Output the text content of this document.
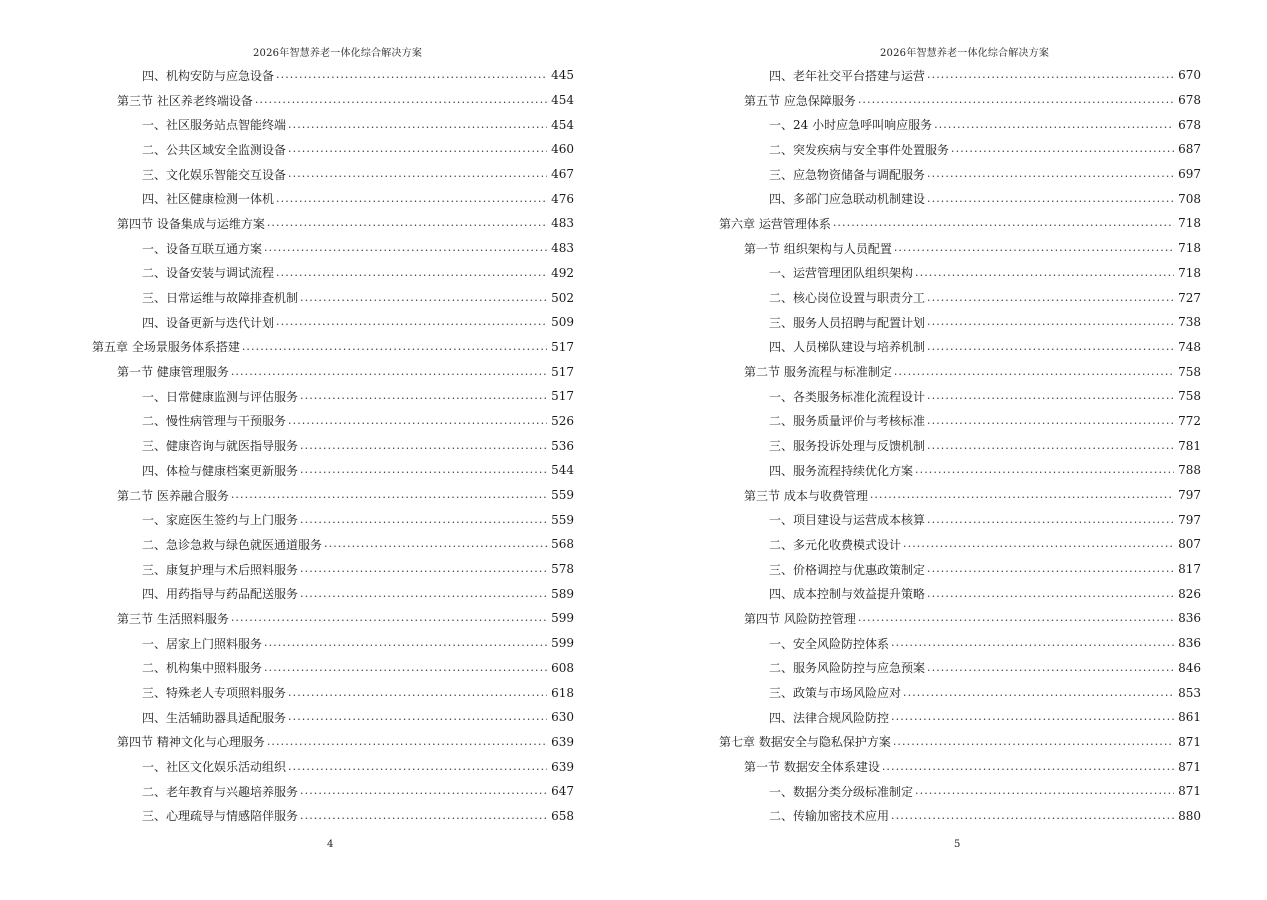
2026年智慧养老一体化综合解决方案
四、机构安防与应急设备 . . .	445
第三节 社区养老终端设备 . . .	454
一、社区服务站点智能终端 . . .	454
二、公共区域安全监测设备 . . .	460
三、文化娱乐智能交互设备 . . .	467
四、社区健康检测一体机 . . .	476
第四节 设备集成与运维方案 . . .	483
一、设备互联互通方案 . . .	483
二、设备安装与调试流程 . . .	492
三、日常运维与故障排查机制 . . .	502
四、设备更新与迭代计划 . . .	509
第五章 全场景服务体系搭建 . . .	517
第一节 健康管理服务 . . .	517
一、日常健康监测与评估服务 . . .	517
二、慢性病管理与干预服务 . . .	526
三、健康咨询与就医指导服务 . . .	536
四、体检与健康档案更新服务 . . .	544
第二节 医养融合服务 . . .	559
一、家庭医生签约与上门服务 . . .	559
二、急诊急救与绿色就医通道服务 . . .	568
三、康复护理与术后照料服务 . . .	578
四、用药指导与药品配送服务 . . .	589
第三节 生活照料服务 . . .	599
一、居家上门照料服务 . . .	599
二、机构集中照料服务 . . .	608
三、特殊老人专项照料服务 . . .	618
四、生活辅助器具适配服务 . . .	630
第四节 精神文化与心理服务 . . .	639
一、社区文化娱乐活动组织 . . .	639
二、老年教育与兴趣培养服务 . . .	647
三、心理疏导与情感陪伴服务 . . .	658
4
2026年智慧养老一体化综合解决方案
四、老年社交平台搭建与运营 . . .	670
第五节 应急保障服务 . . .	678
一、24 小时应急呼叫响应服务 . . .	678
二、突发疾病与安全事件处置服务 . . .	687
三、应急物资储备与调配服务 . . .	697
四、多部门应急联动机制建设 . . .	708
第六章 运营管理体系 . . .	718
第一节 组织架构与人员配置 . . .	718
一、运营管理团队组织架构 . . .	718
二、核心岗位设置与职责分工 . . .	727
三、服务人员招聘与配置计划 . . .	738
四、人员梯队建设与培养机制 . . .	748
第二节 服务流程与标准制定 . . .	758
一、各类服务标准化流程设计 . . .	758
二、服务质量评价与考核标准 . . .	772
三、服务投诉处理与反馈机制 . . .	781
四、服务流程持续优化方案 . . .	788
第三节 成本与收费管理 . . .	797
一、项目建设与运营成本核算 . . .	797
二、多元化收费模式设计 . . .	807
三、价格调控与优惠政策制定 . . .	817
四、成本控制与效益提升策略 . . .	826
第四节 风险防控管理 . . .	836
一、安全风险防控体系 . . .	836
二、服务风险防控与应急预案 . . .	846
三、政策与市场风险应对 . . .	853
四、法律合规风险防控 . . .	861
第七章 数据安全与隐私保护方案 . . .	871
第一节 数据安全体系建设 . . .	871
一、数据分类分级标准制定 . . .	871
二、传输加密技术应用 . . .	880
5
